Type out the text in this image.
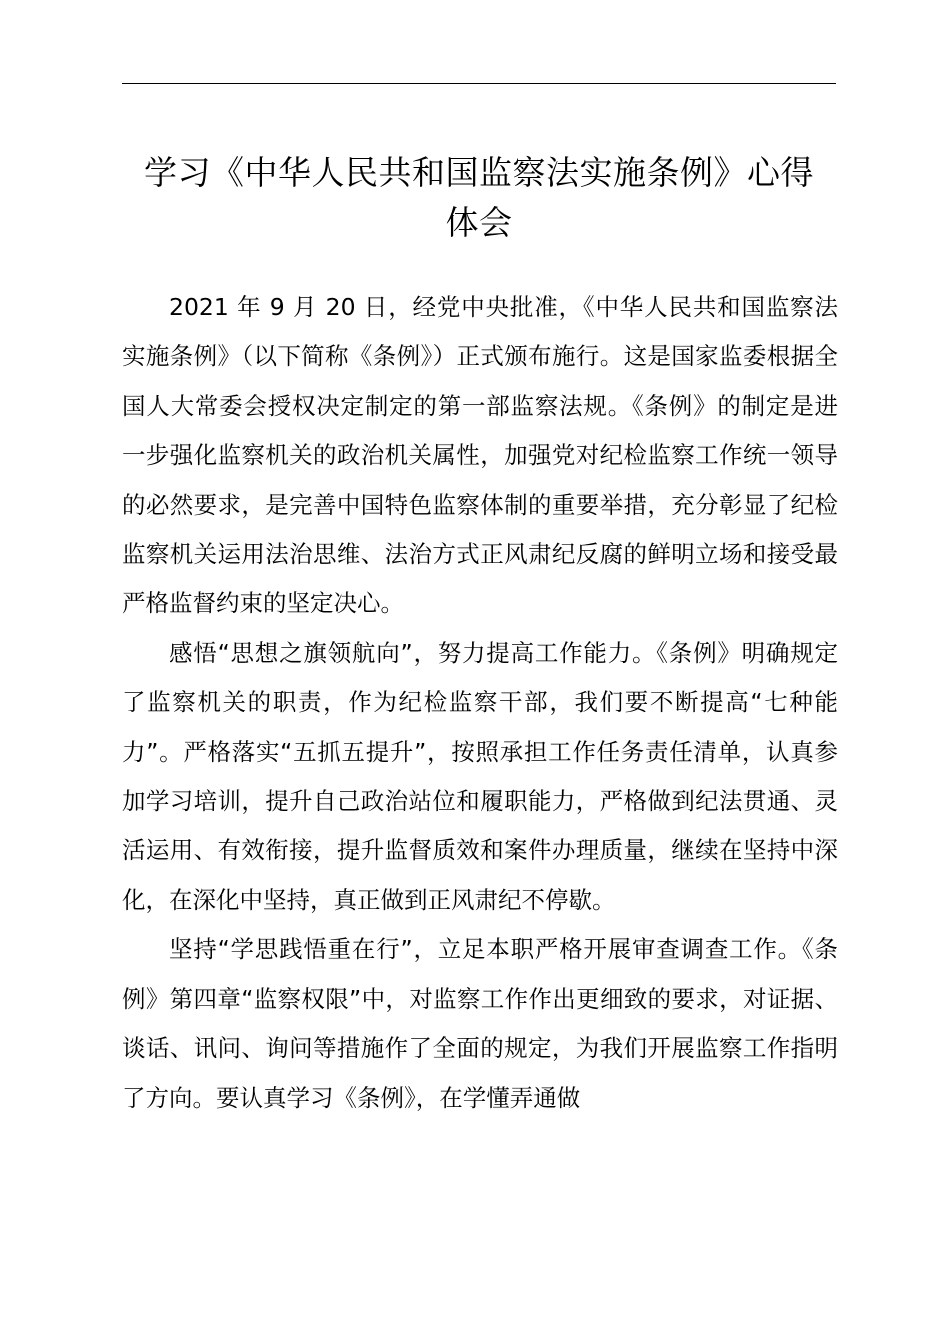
学习《中华人民共和国监察法实施条例》心得
体会

2021 年 9 月 20 日，经党中央批准，《中华人民共和国监察法实施条例》（以下简称《条例》）正式颁布施行。这是国家监委根据全国人大常委会授权决定制定的第一部监察法规。《条例》的制定是进一步强化监察机关的政治机关属性，加强党对纪检监察工作统一领导的必然要求，是完善中国特色监察体制的重要举措，充分彰显了纪检监察机关运用法治思维、法治方式正风肃纪反腐的鲜明立场和接受最严格监督约束的坚定决心。

感悟“思想之旗领航向”，努力提高工作能力。《条例》明确规定了监察机关的职责，作为纪检监察干部，我们要不断提高“七种能力”。严格落实“五抓五提升”，按照承担工作任务责任清单，认真参加学习培训，提升自己政治站位和履职能力，严格做到纪法贯通、灵活运用、有效衔接，提升监督质效和案件办理质量，继续在坚持中深化，在深化中坚持，真正做到正风肃纪不停歇。

坚持“学思践悟重在行”，立足本职严格开展审查调查工作。《条例》第四章“监察权限”中，对监察工作作出更细致的要求，对证据、谈话、讯问、询问等措施作了全面的规定，为我们开展监察工作指明了方向。要认真学习《条例》，在学懂弄通做
